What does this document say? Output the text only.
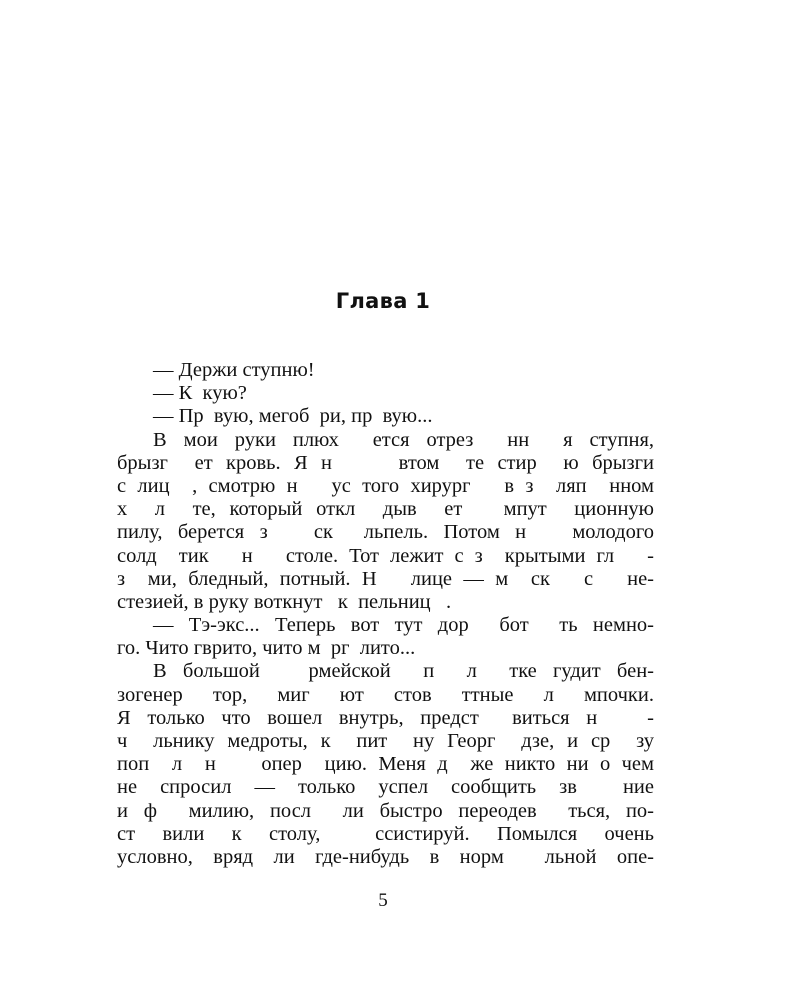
Глава 1
— Держи ступню!
— К  кую?
— Пр  вую, мегоб  ри, пр  вую...
В мои руки плюх  ется отрез  нн  я ступня,
брызг  ет кровь. Я н     втом  те стир  ю брызги
с лиц  , смотрю н   ус того хирург   в з  ляп  нном
х  л  те, который откл  дыв  ет   мпут  ционную
пилу, берется з   ск  льпель. Потом н   молодого
солд  тик   н   столе. Тот лежит с з  крытыми гл   -
з  ми, бледный, потный. Н   лице — м  ск   с   не-
стезией, в руку воткнут   к  пельниц   .
— Тэ-экс... Теперь вот тут дор  бот  ть немно-
го. Чито гврито, чито м  рг  лито...
В большой   рмейской  п  л  тке гудит бен-
зогенер  тор,  миг  ют  стов  ттные  л  мпочки.
Я только что вошел внутрь, предст  виться н   -
ч  льнику медроты, к  пит  ну Георг  дзе, и ср  зу
поп  л  н    опер  цию. Меня д  же никто ни о чем
не спросил — только успел сообщить зв  ние
и ф  милию, посл  ли быстро переодев  ться, по-
ст  вили  к  столу,    ссистируй.  Помылся  очень
условно, вряд ли где-нибудь в норм  льной опе-
5
